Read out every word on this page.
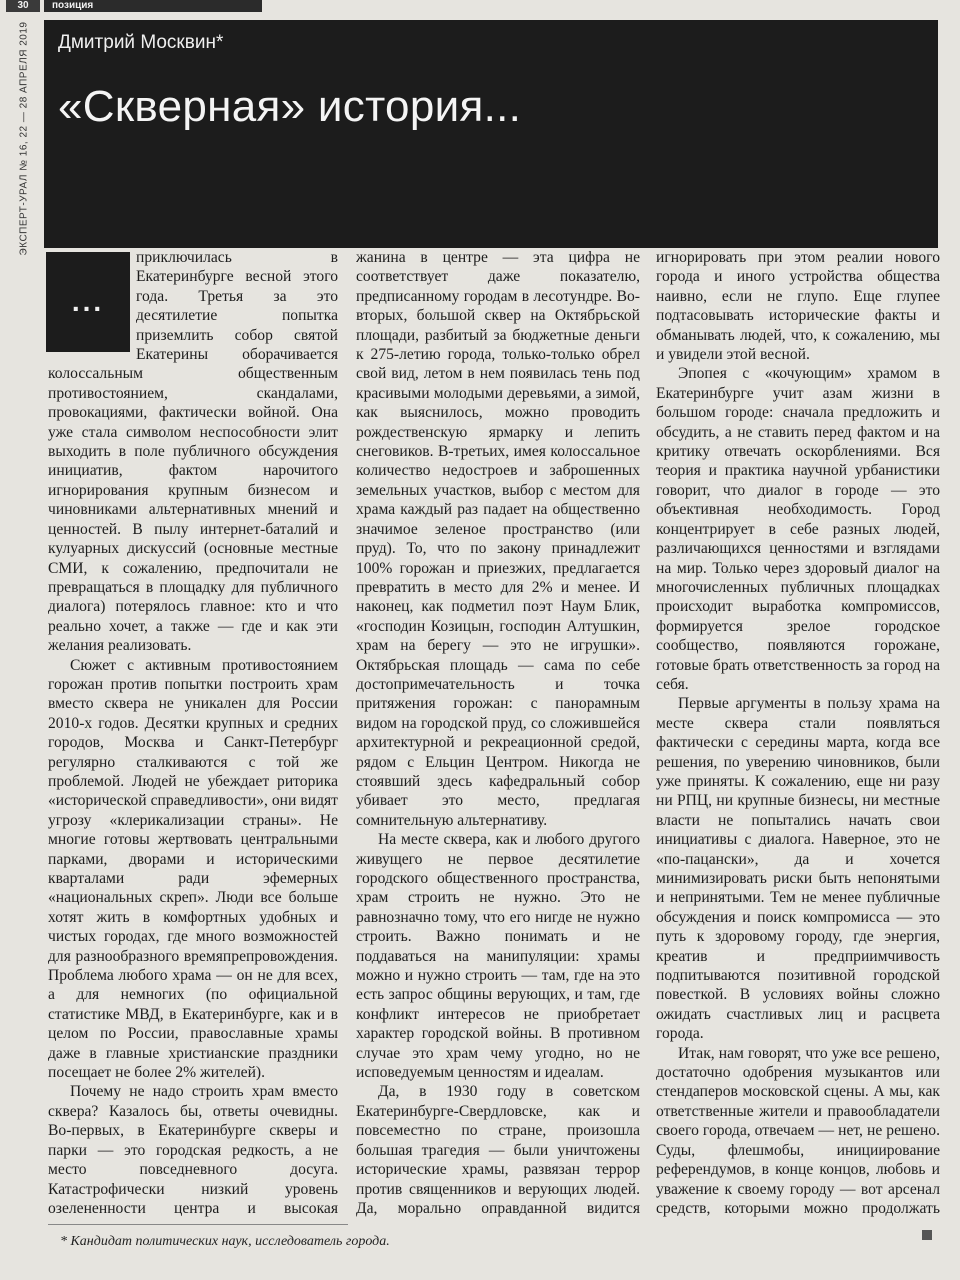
30	позиция
ЭКСПЕРТ-УРАЛ № 16, 22 — 28 АПРЕЛЯ 2019 Дмитрий Москвин*
«Скверная» история...
...

приключилась в Екатеринбурге весной этого года. Третья за это десятилетие попытка приземлить собор святой Екатерины оборачивается колоссальным общественным противостоянием, скандалами, провокациями, фактически войной. Она уже стала символом неспособности элит выходить в поле публичного обсуждения инициатив, фактом нарочитого игнорирования крупным бизнесом и чиновниками альтернативных мнений и ценностей. В пылу интернет-баталий и кулуарных дискуссий (основные местные СМИ, к сожалению, предпочитали не превращаться в площадку для публичного диалога) потерялось главное: кто и что реально хочет, а также — где и как эти желания реализовать.

Сюжет с активным противостоянием горожан против попытки построить храм вместо сквера не уникален для России 2010-х годов. Десятки крупных и средних городов, Москва и Санкт-Петербург регулярно сталкиваются с той же проблемой. Людей не убеждает риторика «исторической справедливости», они видят угрозу «клерикализации страны». Не многие готовы жертвовать центральными парками, дворами и историческими кварталами ради эфемерных «национальных скреп». Люди все больше хотят жить в комфортных удобных и чистых городах, где много возможностей для разнообразного времяпрепровождения. Проблема любого храма — он не для всех, а для немногих (по официальной статистике МВД, в Екатеринбурге, как и в целом по России, православные храмы даже в главные христианские праздники посещает не более 2% жителей).

Почему не надо строить храм вместо сквера? Казалось бы, ответы очевидны. Во-первых, в Екатеринбурге скверы и парки — это городская редкость, а не место повседневного досуга. Катастрофически низкий уровень озелененности центра и высокая

жанина в центре — эта цифра не соответствует даже показателю, предписанному городам в лесотундре. Во-вторых, большой сквер на Октябрьской площади, разбитый за бюджетные деньги к 275-летию города, только-только обрел свой вид, летом в нем появилась тень под красивыми молодыми деревьями, а зимой, как выяснилось, можно проводить рождественскую ярмарку и лепить снеговиков. В-третьих, имея колоссальное количество недостроев и заброшенных земельных участков, выбор с местом для храма каждый раз падает на общественно значимое зеленое пространство (или пруд). То, что по закону принадлежит 100% горожан и приезжих, предлагается превратить в место для 2% и менее. И наконец, как подметил поэт Наум Блик, «господин Козицын, господин Алтушкин, храм на берегу — это не игрушки». Октябрьская площадь — сама по себе достопримечательность и точка притяжения горожан: с панорамным видом на городской пруд, со сложившейся архитектурной и рекреационной средой, рядом с Ельцин Центром. Никогда не стоявший здесь кафедральный собор убивает это место, предлагая сомнительную альтернативу.

На месте сквера, как и любого другого живущего не первое десятилетие городского общественного пространства, храм строить не нужно. Это не равнозначно тому, что его нигде не нужно строить. Важно понимать и не поддаваться на манипуляции: храмы можно и нужно строить — там, где на это есть запрос общины верующих, и там, где конфликт интересов не приобретает характер городской войны. В противном случае это храм чему угодно, но не исповедуемым ценностям и идеалам.

Да, в 1930 году в советском Екатеринбурге-Свердловске, как и повсеместно по стране, произошла большая трагедия — были уничтожены исторические храмы, развязан террор против священников и верующих людей. Да, морально оправданной видится

игнорировать при этом реалии нового города и иного устройства общества наивно, если не глупо. Еще глупее подтасовывать исторические факты и обманывать людей, что, к сожалению, мы и увидели этой весной.

Эпопея с «кочующим» храмом в Екатеринбурге учит азам жизни в большом городе: сначала предложить и обсудить, а не ставить перед фактом и на критику отвечать оскорблениями. Вся теория и практика научной урбанистики говорит, что диалог в городе — это объективная необходимость. Город концентрирует в себе разных людей, различающихся ценностями и взглядами на мир. Только через здоровый диалог на многочисленных публичных площадках происходит выработка компромиссов, формируется зрелое городское сообщество, появляются горожане, готовые брать ответственность за город на себя.

Первые аргументы в пользу храма на месте сквера стали появляться фактически с середины марта, когда все решения, по уверению чиновников, были уже приняты. К сожалению, еще ни разу ни РПЦ, ни крупные бизнесы, ни местные власти не попытались начать свои инициативы с диалога. Наверное, это не «по-пацански», да и хочется минимизировать риски быть непонятыми и непринятыми. Тем не менее публичные обсуждения и поиск компромисса — это путь к здоровому городу, где энергия, креатив и предприимчивость подпитываются позитивной городской повесткой. В условиях войны сложно ожидать счастливых лиц и расцвета города.

Итак, нам говорят, что уже все решено, достаточно одобрения музыкантов или стендаперов московской сцены. А мы, как ответственные жители и правообладатели своего города, отвечаем — нет, не решено. Суды, флешмобы, инициирование референдумов, в конце концов, любовь и уважение к своему городу — вот арсенал средств, которыми можно продолжать

* Кандидат политических наук, исследователь города.
